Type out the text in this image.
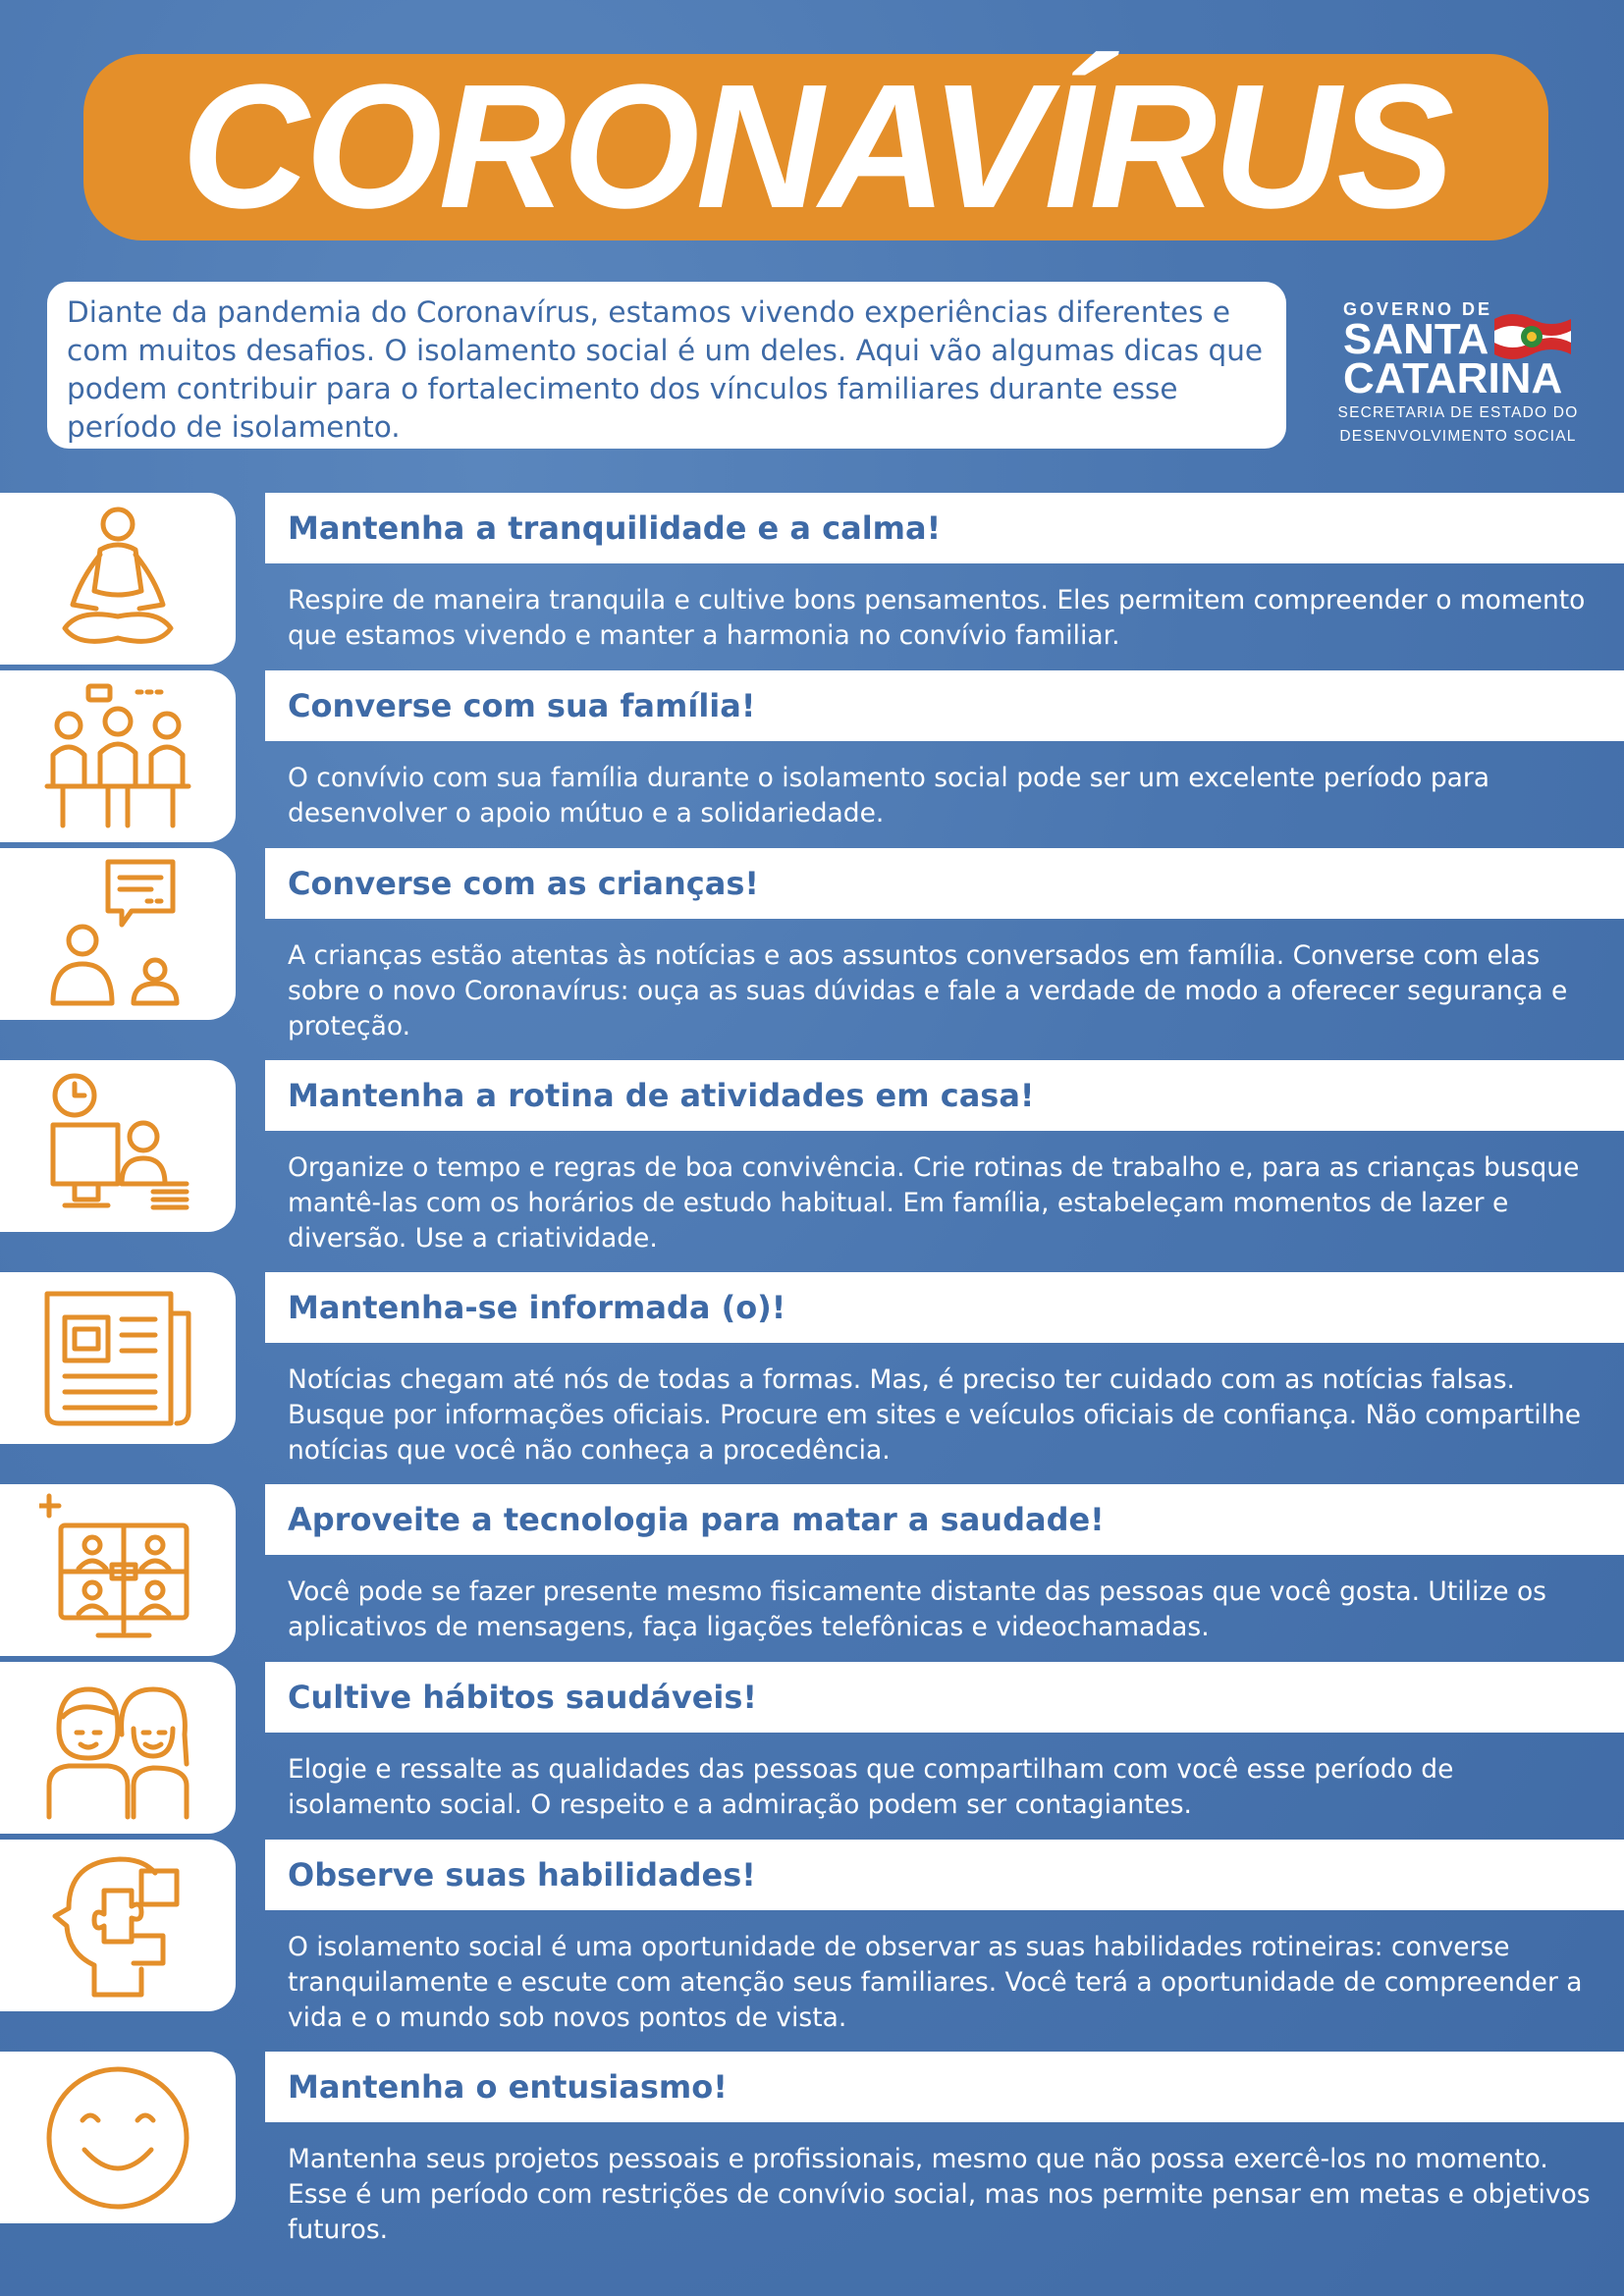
CORONAVÍRUS
Diante da pandemia do Coronavírus, estamos vivendo experiências diferentes e com muitos desafios. O isolamento social é um deles. Aqui vão algumas dicas que podem contribuir para o fortalecimento dos vínculos familiares durante esse período de isolamento.
GOVERNO DE
SANTA
CATARINA
SECRETARIA DE ESTADO DO
DESENVOLVIMENTO SOCIAL
Mantenha a tranquilidade e a calma!
Respire de maneira tranquila e cultive bons pensamentos. Eles permitem compreender o momento que estamos vivendo e manter a harmonia no convívio familiar.
Converse com sua família!
O convívio com sua família durante o isolamento social pode ser um excelente período para desenvolver o apoio mútuo e a solidariedade.
Converse com as crianças!
A crianças estão atentas às notícias e aos assuntos conversados em família. Converse com elas sobre o novo Coronavírus: ouça as suas dúvidas e fale a verdade de modo a oferecer segurança e proteção.
Mantenha a rotina de atividades em casa!
Organize o tempo e regras de boa convivência. Crie rotinas de trabalho e, para as crianças busque mantê-las com os horários de estudo habitual. Em família, estabeleçam momentos de lazer e diversão. Use a criatividade.
Mantenha-se informada (o)!
Notícias chegam até nós de todas a formas. Mas, é preciso ter cuidado com as notícias falsas. Busque por informações oficiais. Procure em sites e veículos oficiais de confiança. Não compartilhe notícias que você não conheça a procedência.
Aproveite a tecnologia para matar a saudade!
Você pode se fazer presente mesmo fisicamente distante das pessoas que você gosta. Utilize os aplicativos de mensagens, faça ligações telefônicas e videochamadas.
Cultive hábitos saudáveis!
Elogie e ressalte as qualidades das pessoas que compartilham com você esse período de isolamento social. O respeito e a admiração podem ser contagiantes.
Observe suas habilidades!
O isolamento social é uma oportunidade de observar as suas habilidades rotineiras: converse tranquilamente e escute com atenção seus familiares. Você terá a oportunidade de compreender a vida e o mundo sob novos pontos de vista.
Mantenha o entusiasmo!
Mantenha seus projetos pessoais e profissionais, mesmo que não possa exercê-los no momento. Esse é um período com restrições de convívio social, mas nos permite pensar em metas e objetivos futuros.
